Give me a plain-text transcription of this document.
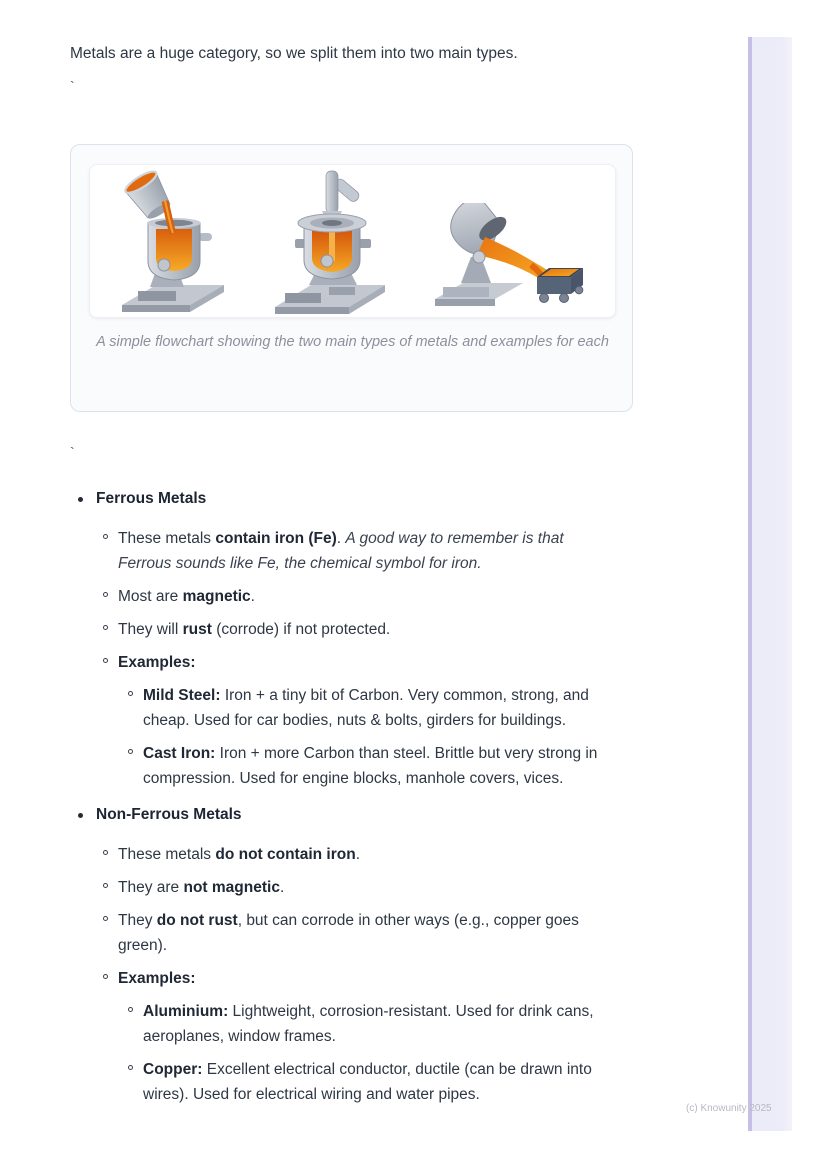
Metals are a huge category, so we split them into two main types.

`
A simple flowchart showing the two main types of metals and examples for each
`
Ferrous Metals
These metals contain iron (Fe). A good way to remember is that Ferrous sounds like Fe, the chemical symbol for iron.
Most are magnetic.
They will rust (corrode) if not protected.
Examples:
Mild Steel: Iron + a tiny bit of Carbon. Very common, strong, and cheap. Used for car bodies, nuts & bolts, girders for buildings.
Cast Iron: Iron + more Carbon than steel. Brittle but very strong in compression. Used for engine blocks, manhole covers, vices.
Non-Ferrous Metals
These metals do not contain iron.
They are not magnetic.
They do not rust, but can corrode in other ways (e.g., copper goes green).
Examples:
Aluminium: Lightweight, corrosion-resistant. Used for drink cans, aeroplanes, window frames.
Copper: Excellent electrical conductor, ductile (can be drawn into wires). Used for electrical wiring and water pipes.
(c) Knowunity 2025
